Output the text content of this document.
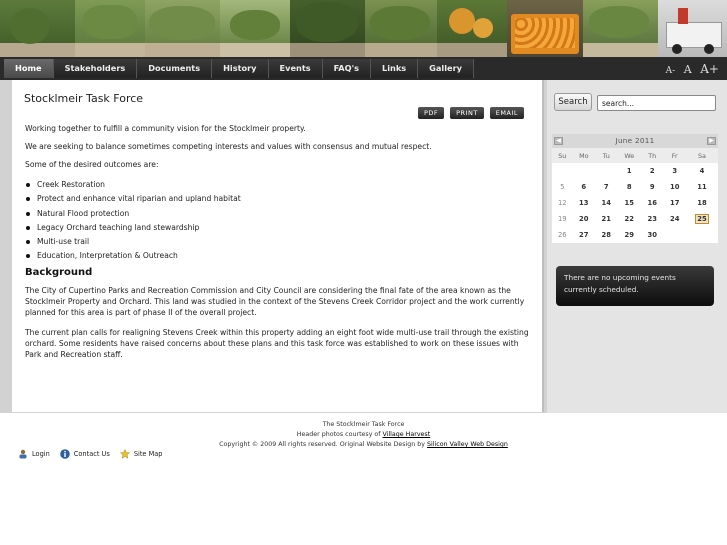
Home	Stakeholders	Documents	History	Events	FAQ's	Links	Gallery	A- A A+
Stocklmeir Task Force
PDF	PRINT	EMAIL

Working together to fulfill a community vision for the Stocklmeir property.

We are seeking to balance sometimes competing interests and values with consensus and mutual respect.

Some of the desired outcomes are:

Creek Restoration
Protect and enhance vital riparian and upland habitat
Natural Flood protection
Legacy Orchard teaching land stewardship
Multi-use trail
Education, Interpretation & Outreach
Background

The City of Cupertino Parks and Recreation Commission and City Council are considering the final fate of the area known as the Stocklmeir Property and Orchard. This land was studied in the context of the Stevens Creek Corridor project and the work currently planned for this area is part of phase II of the overall project.

The current plan calls for realigning Stevens Creek within this property adding an eight foot wide multi-use trail through the existing orchard. Some residents have raised concerns about these plans and this task force was established to work on these issues with Park and Recreation staff.

Search
search...
◀	June 2011	▶
Su	Mo	Tu	We	Th	Fr	Sa
			1	2	3	4
5	6	7	8	9	10	11
12	13	14	15	16	17	18
19	20	21	22	23	24	25
26	27	28	29	30		
There are no upcoming events currently scheduled.
The Stocklmeir Task Force
Header photos courtesy of Village Harvest
Copyright © 2009 All rights reserved. Original Website Design by Silicon Valley Web Design
Login	Contact Us	Site Map
